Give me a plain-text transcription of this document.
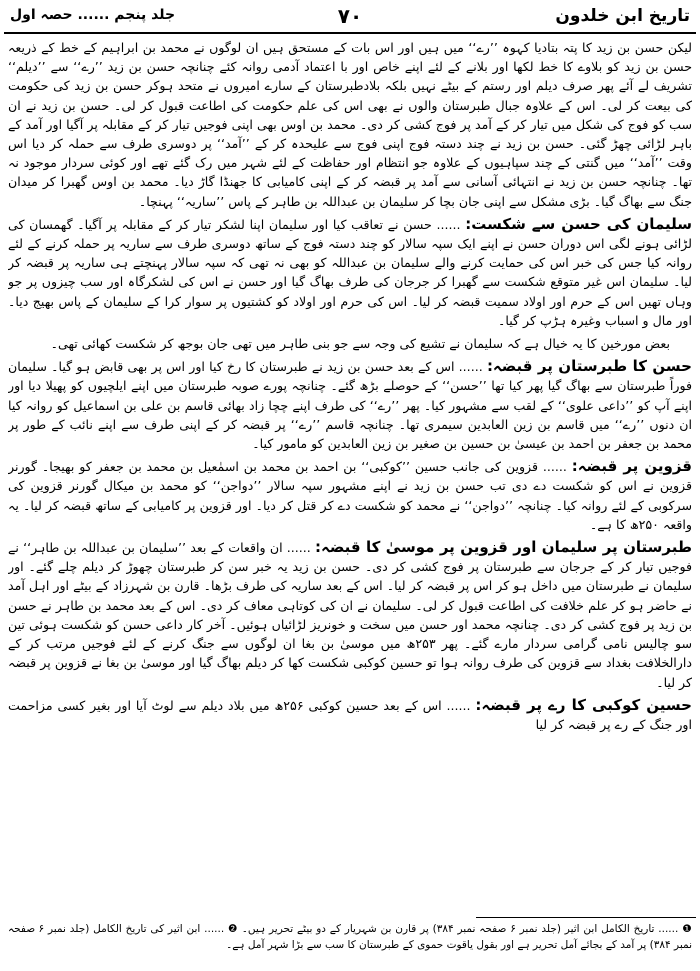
تاریخ ابن خلدون
۷۰
جلد پنجم ...... حصہ اول

لیکن حسن بن زید کا پتہ بتادیا کہوہ ’’رے‘‘ میں ہیں اور اس بات کے مستحق ہیں ان لوگوں نے محمد بن ابراہیم کے خط کے ذریعہ حسن بن زید کو بلاوے کا خط لکھا اور بلانے کے لئے اپنے خاص اور با اعتماد آدمی روانہ کئے چنانچہ حسن بن زید ’’رے‘‘ سے ’’دیلم‘‘ تشریف لے آئے پھر صرف دیلم اور رستم کے بیٹے نہیں بلکہ بلادطبرستان کے سارے امیروں نے متحد ہوکر حسن بن زید کی حکومت کی بیعت کر لی۔ اس کے علاوہ جبال طبرستان والوں نے بھی اس کی علم حکومت کی اطاعت قبول کر لی۔ حسن بن زید نے ان سب کو فوج کی شکل میں تیار کر کے آمد پر فوج کشی کر دی۔ محمد بن اوس بھی اپنی فوجیں تیار کر کے مقابلہ پر آگیا اور آمد کے باہر لڑائی چھڑ گئی۔ حسن بن زید نے چند دستہ فوج اپنی فوج سے علیحدہ کر کے ’’آمد‘‘ پر دوسری طرف سے حملہ کر دیا اس وقت ’’آمد‘‘ میں گنتی کے چند سپاہیوں کے علاوہ جو انتظام اور حفاظت کے لئے شہر میں رک گئے تھے اور کوئی سردار موجود نہ تھا۔ چنانچہ حسن بن زید نے انتہائی آسانی سے آمد پر قبضہ کر کے اپنی کامیابی کا جھنڈا گاڑ دیا۔ محمد بن اوس گھبرا کر میدان جنگ سے بھاگ گیا۔ بڑی مشکل سے اپنی جان بچا کر سلیمان بن عبداللہ بن طاہر کے پاس ’’ساریہ‘‘ پہنچا۔

سلیمان کی حسن سے شکست: ...... حسن نے تعاقب کیا اور سلیمان اپنا لشکر تیار کر کے مقابلہ پر آگیا۔ گھمسان کی لڑائی ہونے لگی اس دوران حسن نے اپنے ایک سپہ سالار کو چند دستہ فوج کے ساتھ دوسری طرف سے ساریہ پر حملہ کرنے کے لئے روانہ کیا جس کی خبر اس کی حمایت کرنے والے سلیمان بن عبداللہ کو بھی نہ تھی کہ سپہ سالار پہنچتے ہی ساریہ پر قبضہ کر لیا۔ سلیمان اس غیر متوقع شکست سے گھبرا کر جرجان کی طرف بھاگ گیا اور حسن نے اس کی لشکرگاہ اور سب چیزوں پر جو وہاں تھیں اس کے حرم اور اولاد سمیت قبضہ کر لیا۔ اس کی حرم اور اولاد کو کشتیوں پر سوار کرا کے سلیمان کے پاس بھیج دیا۔ اور مال و اسباب وغیرہ ہڑپ کر گیا۔

بعض مورخین کا یہ خیال ہے کہ سلیمان نے تشیع کی وجہ سے جو بنی طاہر میں تھی جان بوجھ کر شکست کھائی تھی۔

حسن کا طبرستان پر قبضہ: ...... اس کے بعد حسن بن زید نے طبرستان کا رخ کیا اور اس پر بھی قابض ہو گیا۔ سلیمان فوراً طبرستان سے بھاگ گیا پھر کیا تھا ’’حسن‘‘ کے حوصلے بڑھ گئے۔ چنانچہ پورے صوبہ طبرستان میں اپنے ایلچیوں کو پھیلا دیا اور اپنے آپ کو ’’داعی علوی‘‘ کے لقب سے مشہور کیا۔ پھر ’’رے‘‘ کی طرف اپنے چچا زاد بھائی قاسم بن علی بن اسماعیل کو روانہ کیا ان دنوں ’’رے‘‘ میں قاسم بن زین العابدین سیمری تھا۔ چنانچہ قاسم ’’رے‘‘ پر قبضہ کر کے اپنی طرف سے اپنے نائب کے طور پر محمد بن جعفر بن احمد بن عیسیٰ بن حسین بن صغیر بن زین العابدین کو مامور کیا۔

قزوین پر قبضہ: ...... قزوین کی جانب حسین ’’کوکبی‘‘ بن احمد بن محمد بن اسمٰعیل بن محمد بن جعفر کو بھیجا۔ گورنر قزوین نے اس کو شکست دے دی تب حسن بن زید نے اپنے مشہور سپہ سالار ’’دواجن‘‘ کو محمد بن میکال گورنر قزوین کی سرکوبی کے لئے روانہ کیا۔ چنانچہ ’’دواجن‘‘ نے محمد کو شکست دے کر قتل کر دیا۔ اور قزوین پر کامیابی کے ساتھ قبضہ کر لیا۔ یہ واقعہ ۲۵۰ھ کا ہے۔

طبرستان پر سلیمان اور قزوین پر موسیٰ کا قبضہ: ...... ان واقعات کے بعد ’’سلیمان بن عبداللہ بن طاہر‘‘ نے فوجیں تیار کر کے جرجان سے طبرستان پر فوج کشی کر دی۔ حسن بن زید یہ خبر سن کر طبرستان چھوڑ کر دیلم چلے گئے۔ اور سلیمان نے طبرستان میں داخل ہو کر اس پر قبضہ کر لیا۔ اس کے بعد ساریہ کی طرف بڑھا۔ قارن بن شہرزاد کے بیٹے اور اہل آمد نے حاضر ہو کر علم خلافت کی اطاعت قبول کر لی۔ سلیمان نے ان کی کوتاہی معاف کر دی۔ اس کے بعد محمد بن طاہر نے حسن بن زید پر فوج کشی کر دی۔ چنانچہ محمد اور حسن میں سخت و خونریز لڑائیاں ہوئیں۔ آخر کار داعی حسن کو شکست ہوئی تین سو چالیس نامی گرامی سردار مارے گئے۔ پھر ۲۵۳ھ میں موسیٰ بن بغا ان لوگوں سے جنگ کرنے کے لئے فوجیں مرتب کر کے دارالخلافت بغداد سے قزوین کی طرف روانہ ہوا تو حسین کوکبی شکست کھا کر دیلم بھاگ گیا اور موسیٰ بن بغا نے قزوین پر قبضہ کر لیا۔

حسین کوکبی کا رے پر قبضہ: ...... اس کے بعد حسین کوکبی ۲۵۶ھ میں بلاد دیلم سے لوٹ آیا اور بغیر کسی مزاحمت اور جنگ کے رے پر قبضہ کر لیا

❶ ...... تاریخ الکامل ابن اثیر (جلد نمبر ۶ صفحہ نمبر ۳۸۴) پر قارن بن شہریار کے دو بیٹے تحریر ہیں۔ ❷ ...... ابن اثیر کی تاریخ الکامل (جلد نمبر ۶ صفحہ نمبر ۳۸۴) پر آمد کے بجائے آمل تحریر ہے اور بقول یاقوت حموی کے طبرستان کا سب سے بڑا شہر آمل ہے۔
